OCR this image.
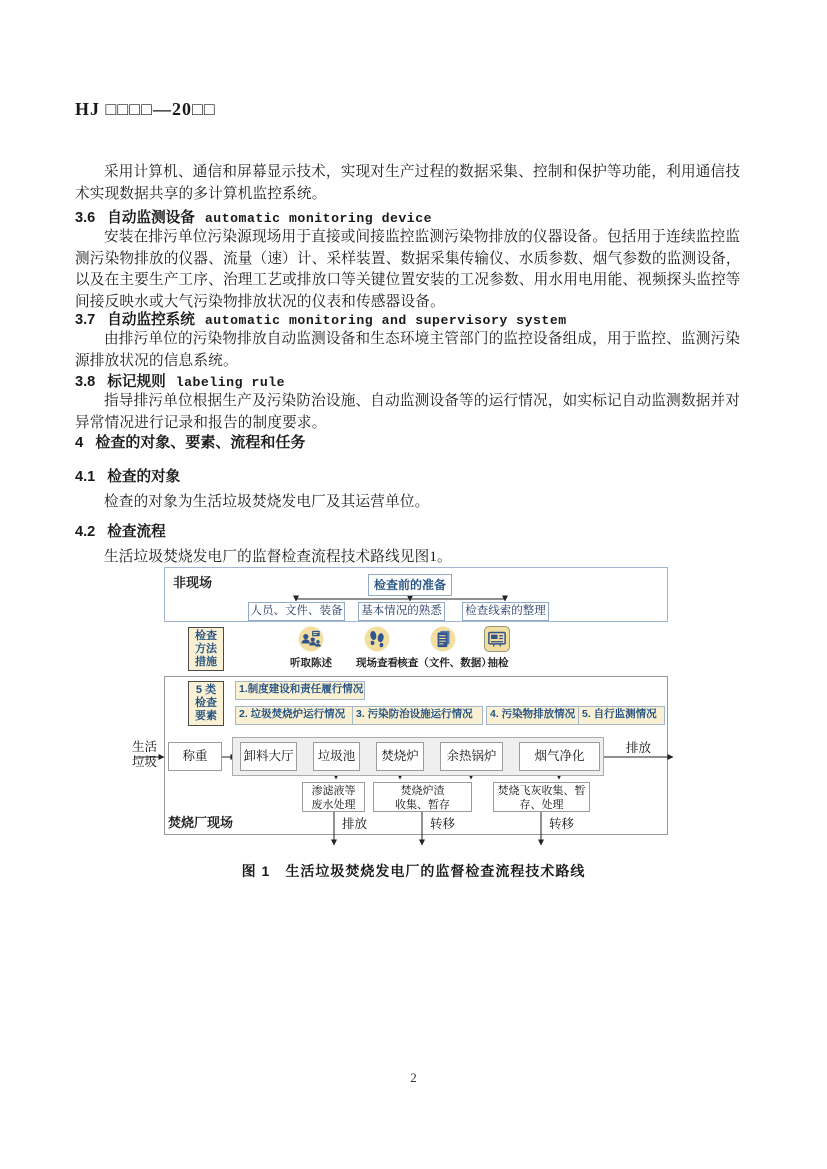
HJ □□□□—20□□
采用计算机、通信和屏幕显示技术，实现对生产过程的数据采集、控制和保护等功能，利用通信技
术实现数据共享的多计算机监控系统。
3.6 自动监测设备 automatic monitoring device
安装在排污单位污染源现场用于直接或间接监控监测污染物排放的仪器设备。包括用于连续监控监
测污染物排放的仪器、流量（速）计、采样装置、数据采集传输仪、水质参数、烟气参数的监测设备，
以及在主要生产工序、治理工艺或排放口等关键位置安装的工况参数、用水用电用能、视频探头监控等
间接反映水或大气污染物排放状况的仪表和传感器设备。
3.7 自动监控系统 automatic monitoring and supervisory system
由排污单位的污染物排放自动监测设备和生态环境主管部门的监控设备组成，用于监控、监测污染
源排放状况的信息系统。
3.8 标记规则 labeling rule
指导排污单位根据生产及污染防治设施、自动监测设备等的运行情况，如实标记自动监测数据并对
异常情况进行记录和报告的制度要求。
4 检查的对象、要素、流程和任务
4.1 检查的对象
检查的对象为生活垃圾焚烧发电厂及其运营单位。
4.2 检查流程
生活垃圾焚烧发电厂的监督检查流程技术路线见图1。
非现场	检查前的准备
人员、文件、装备 基本情况的熟悉 检查线索的整理
检查
方法
措施	听取陈述 现场查看 核查（文件、数据）
抽检
5 类
检查
要素
1.制度建设和责任履行情况
2. 垃圾焚烧炉运行情况	3. 污染防治设施运行情况	4. 污染物排放情况 5. 自行监测情况
生活
垃圾	称重	卸料大厅	垃圾池	焚烧炉	余热锅炉	烟气净化
排放
渗滤液等
废水处理
焚烧炉渣
收集、暂存
焚烧飞灰收集、暂
存、处理
排放	转移	转移
焚烧厂现场
图 1　生活垃圾焚烧发电厂的监督检查流程技术路线
2
